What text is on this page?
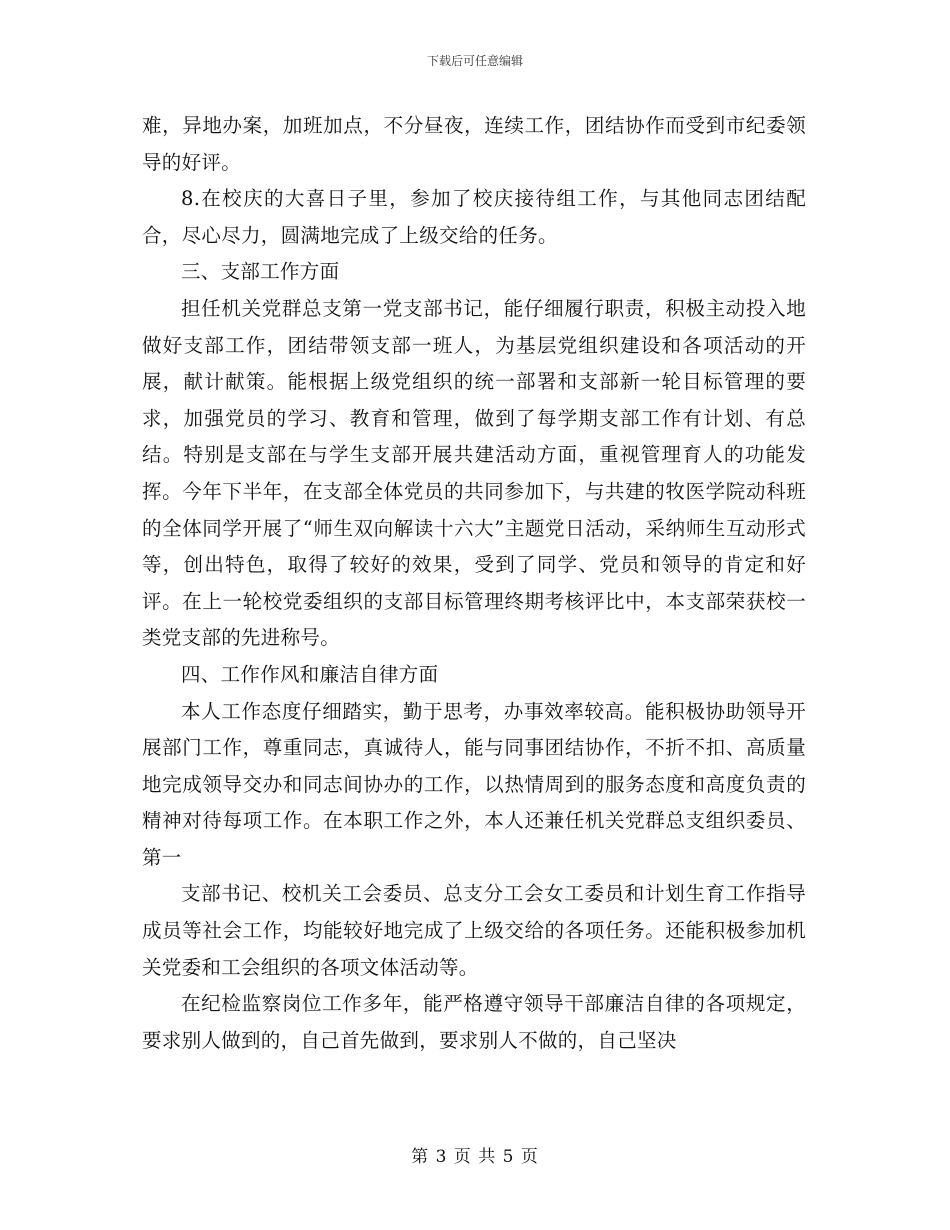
下载后可任意编辑

难，异地办案，加班加点，不分昼夜，连续工作，团结协作而受到市纪委领导的好评。

8.在校庆的大喜日子里，参加了校庆接待组工作，与其他同志团结配合，尽心尽力，圆满地完成了上级交给的任务。

三、支部工作方面

担任机关党群总支第一党支部书记，能仔细履行职责，积极主动投入地做好支部工作，团结带领支部一班人，为基层党组织建设和各项活动的开展，献计献策。能根据上级党组织的统一部署和支部新一轮目标管理的要求，加强党员的学习、教育和管理，做到了每学期支部工作有计划、有总结。特别是支部在与学生支部开展共建活动方面，重视管理育人的功能发挥。今年下半年，在支部全体党员的共同参加下，与共建的牧医学院动科班的全体同学开展了“师生双向解读十六大”主题党日活动，采纳师生互动形式等，创出特色，取得了较好的效果，受到了同学、党员和领导的肯定和好评。在上一轮校党委组织的支部目标管理终期考核评比中，本支部荣获校一类党支部的先进称号。

四、工作作风和廉洁自律方面

本人工作态度仔细踏实，勤于思考，办事效率较高。能积极协助领导开展部门工作，尊重同志，真诚待人，能与同事团结协作，不折不扣、高质量地完成领导交办和同志间协办的工作，以热情周到的服务态度和高度负责的精神对待每项工作。在本职工作之外，本人还兼任机关党群总支组织委员、第一

支部书记、校机关工会委员、总支分工会女工委员和计划生育工作指导成员等社会工作，均能较好地完成了上级交给的各项任务。还能积极参加机关党委和工会组织的各项文体活动等。

在纪检监察岗位工作多年，能严格遵守领导干部廉洁自律的各项规定，要求别人做到的，自己首先做到，要求别人不做的，自己坚决

第 3 页 共 5 页
